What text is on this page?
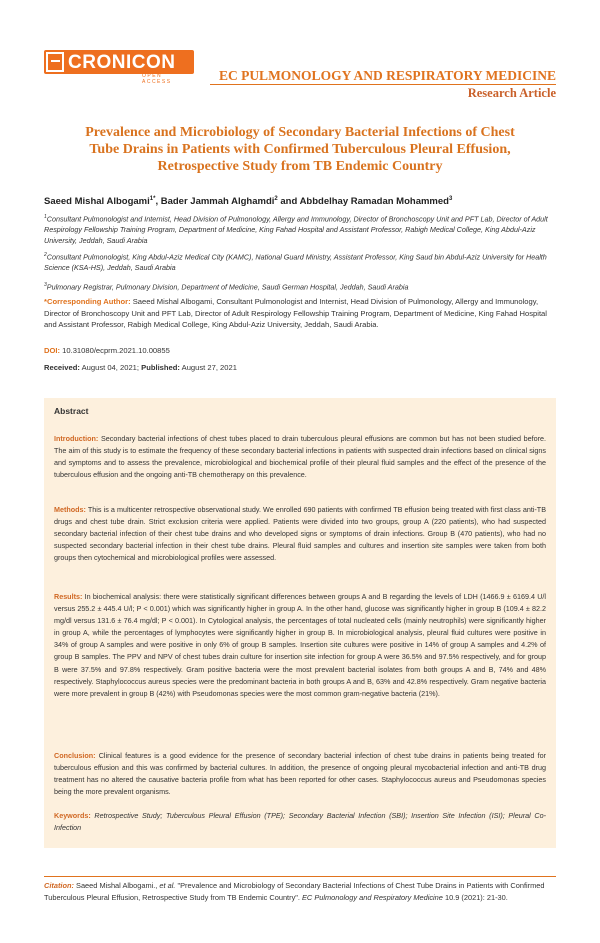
CRONICON
OPEN ACCESS	EC PULMONOLOGY AND RESPIRATORY MEDICINE
Research Article
Prevalence and Microbiology of Secondary Bacterial Infections of Chest
Tube Drains in Patients with Confirmed Tuberculous Pleural Effusion,
Retrospective Study from TB Endemic Country
Saeed Mishal Albogami$^{1*}$, Bader Jammah Alghamdi$^2$ and Abbdelhay Ramadan Mohammed$^3$
$^1$Consultant Pulmonologist and Internist, Head Division of Pulmonology, Allergy and Immunology, Director of Bronchoscopy Unit and PFT Lab, Director of Adult Respirology Fellowship Training Program, Department of Medicine, King Fahad Hospital and Assistant Professor, Rabigh Medical College, King Abdul-Aziz University, Jeddah, Saudi Arabia
$^2$Consultant Pulmonologist, King Abdul-Aziz Medical City (KAMC), National Guard Ministry, Assistant Professor, King Saud bin Abdul-Aziz University for Health Science (KSA-HS), Jeddah, Saudi Arabia
$^3$Pulmonary Registrar, Pulmonary Division, Department of Medicine, Saudi German Hospital, Jeddah, Saudi Arabia
*Corresponding Author: Saeed Mishal Albogami, Consultant Pulmonologist and Internist, Head Division of Pulmonology, Allergy and Immunology, Director of Bronchoscopy Unit and PFT Lab, Director of Adult Respirology Fellowship Training Program, Department of Medicine, King Fahad Hospital and Assistant Professor, Rabigh Medical College, King Abdul-Aziz University, Jeddah, Saudi Arabia.
DOI: 10.31080/ecprm.2021.10.00855
Received: August 04, 2021; Published: August 27, 2021
Abstract
Introduction: Secondary bacterial infections of chest tubes placed to drain tuberculous pleural effusions are common but has not been studied before. The aim of this study is to estimate the frequency of these secondary bacterial infections in patients with suspected drain infections based on clinical signs and symptoms and to assess the prevalence, microbiological and biochemical profile of their pleural fluid samples and the effect of the presence of the tuberculous effusion and the ongoing anti-TB chemotherapy on this prevalence.
Methods: This is a multicenter retrospective observational study. We enrolled 690 patients with confirmed TB effusion being treated with first class anti-TB drugs and chest tube drain. Strict exclusion criteria were applied. Patients were divided into two groups, group A (220 patients), who had suspected secondary bacterial infection of their chest tube drains and who developed signs or symptoms of drain infections. Group B (470 patients), who had no suspected secondary bacterial infection in their chest tube drains. Pleural fluid samples and cultures and insertion site samples were taken from both groups then cytochemical and microbiological profiles were assessed.
Results: In biochemical analysis: there were statistically significant differences between groups A and B regarding the levels of LDH (1466.9 ± 6169.4 U/l versus 255.2 ± 445.4 U/l; P < 0.001) which was significantly higher in group A. In the other hand, glucose was significantly higher in group B (109.4 ± 82.2 mg/dl versus 131.6 ± 76.4 mg/dl; P < 0.001). In Cytological analysis, the percentages of total nucleated cells (mainly neutrophils) were significantly higher in group A, while the percentages of lymphocytes were significantly higher in group B. In microbiological analysis, pleural fluid cultures were positive in 34% of group A samples and were positive in only 6% of group B samples. Insertion site cultures were positive in 14% of group A samples and 4.2% of group B samples. The PPV and NPV of chest tubes drain culture for insertion site infection for group A were 36.5% and 97.5% respectively, and for group B were 37.5% and 97.8% respectively. Gram positive bacteria were the most prevalent bacterial isolates from both groups A and B, 74% and 48% respectively. Staphylococcus aureus species were the predominant bacteria in both groups A and B, 63% and 42.8% respectively. Gram negative bacteria were more prevalent in group B (42%) with Pseudomonas species were the most common gram-negative bacteria (21%).
Conclusion: Clinical features is a good evidence for the presence of secondary bacterial infection of chest tube drains in patients being treated for tuberculous effusion and this was confirmed by bacterial cultures. In addition, the presence of ongoing pleural mycobacterial infection and anti-TB drug treatment has no altered the causative bacteria profile from what has been reported for other cases. Staphylococcus aureus and Pseudomonas species being the more prevalent organisms.
Keywords: Retrospective Study; Tuberculous Pleural Effusion (TPE); Secondary Bacterial Infection (SBI); Insertion Site Infection (ISI); Pleural Co-Infection
Citation: Saeed Mishal Albogami., et al. "Prevalence and Microbiology of Secondary Bacterial Infections of Chest Tube Drains in Patients with Confirmed Tuberculous Pleural Effusion, Retrospective Study from TB Endemic Country". EC Pulmonology and Respiratory Medicine 10.9 (2021): 21-30.
